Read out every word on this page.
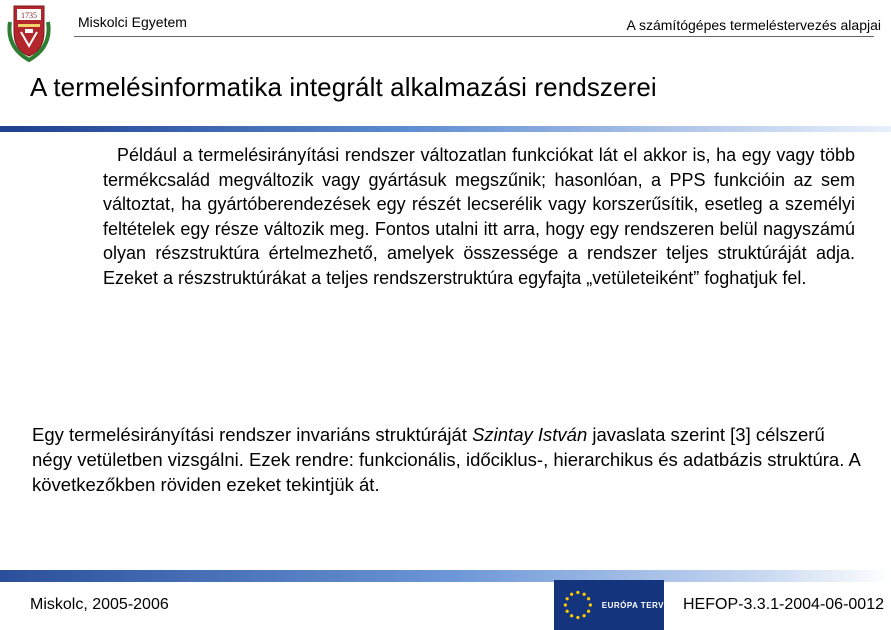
1735	Miskolci Egyetem	A számítógépes termeléstervezés alapjai
A termelésinformatika integrált alkalmazási rendszerei
Például a termelésirányítási rendszer változatlan funkciókat lát el akkor is, ha egy vagy több termékcsalád megváltozik vagy gyártásuk megszűnik; hasonlóan, a PPS funkcióin az sem változtat, ha gyártóberendezések egy részét lecserélik vagy korszerűsítik, esetleg a személyi feltételek egy része változik meg. Fontos utalni itt arra, hogy egy rendszeren belül nagyszámú olyan részstruktúra értelmezhető, amelyek összessége a rendszer teljes struktúráját adja. Ezeket a részstruktúrákat a teljes rendszerstruktúra egyfajta „vetületeiként” foghatjuk fel.
Egy termelésirányítási rendszer invariáns struktúráját Szintay István javaslata szerint [3] célszerű négy vetületben vizsgálni. Ezek rendre: funkcionális, időciklus-, hierarchikus és adatbázis struktúra. A következőkben röviden ezeket tekintjük át.
Miskolc, 2005-2006	EURÓPA TERV HEFOP-3.3.1-2004-06-0012
